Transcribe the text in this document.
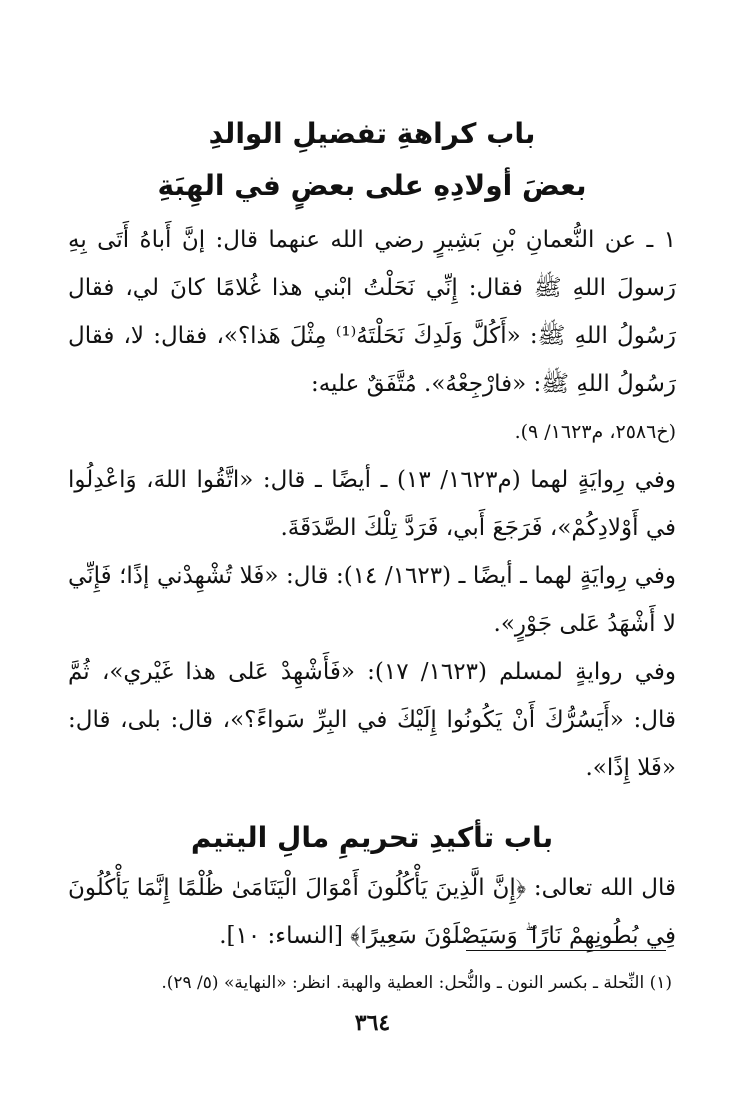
باب كراهةِ تفضيلِ الوالدِ
بعضَ أولادِهِ على بعضٍ في الهِبَةِ

١ ـ عن النُّعمانِ بْنِ بَشِيرٍ رضي الله عنهما قال: إنَّ أَباهُ أَتَى بِهِ رَسولَ اللهِ ﷺ فقال: إِنِّي نَحَلْتُ ابْني هذا غُلامًا كانَ لي، فقال رَسُولُ اللهِ ﷺ: «أَكُلَّ وَلَدِكَ نَحَلْتَهُ⁽¹⁾ مِثْلَ هَذا؟»، فقال: لا، فقال رَسُولُ اللهِ ﷺ: «فارْجِعْهُ». مُتَّفَقٌ عليه:

(خ٢٥٨٦، م١٦٢٣/ ٩).

وفي رِوايَةٍ لهما (م١٦٢٣/ ١٣) ـ أيضًا ـ قال: «اتَّقُوا اللهَ، وَاعْدِلُوا في أَوْلادِكُمْ»، فَرَجَعَ أَبي، فَرَدَّ تِلْكَ الصَّدَقَةَ.

وفي رِوايَةٍ لهما ـ أيضًا ـ (١٦٢٣/ ١٤): قال: «فَلا تُشْهِدْني إذًا؛ فَإِنِّي لا أَشْهَدُ عَلى جَوْرٍ».

وفي روايةٍ لمسلم (١٦٢٣/ ١٧): «فَأَشْهِدْ عَلى هذا غَيْري»، ثُمَّ قال: «أَيَسُرُّكَ أَنْ يَكُونُوا إِلَيْكَ في البِرِّ سَواءً؟»، قال: بلى، قال: «فَلا إِذًا».

باب تأكيدِ تحريمِ مالِ اليتيم

قال الله تعالى: ﴿إِنَّ الَّذِينَ يَأْكُلُونَ أَمْوَالَ الْيَتَامَىٰ ظُلْمًا إِنَّمَا يَأْكُلُونَ فِي بُطُونِهِمْ نَارًا ۖ وَسَيَصْلَوْنَ سَعِيرًا﴾ [النساء: ١٠].

(١) النِّحلة ـ بكسر النون ـ والنُّحل: العطية والهبة. انظر: «النهاية» (٥/ ٢٩).
٣٦٤
